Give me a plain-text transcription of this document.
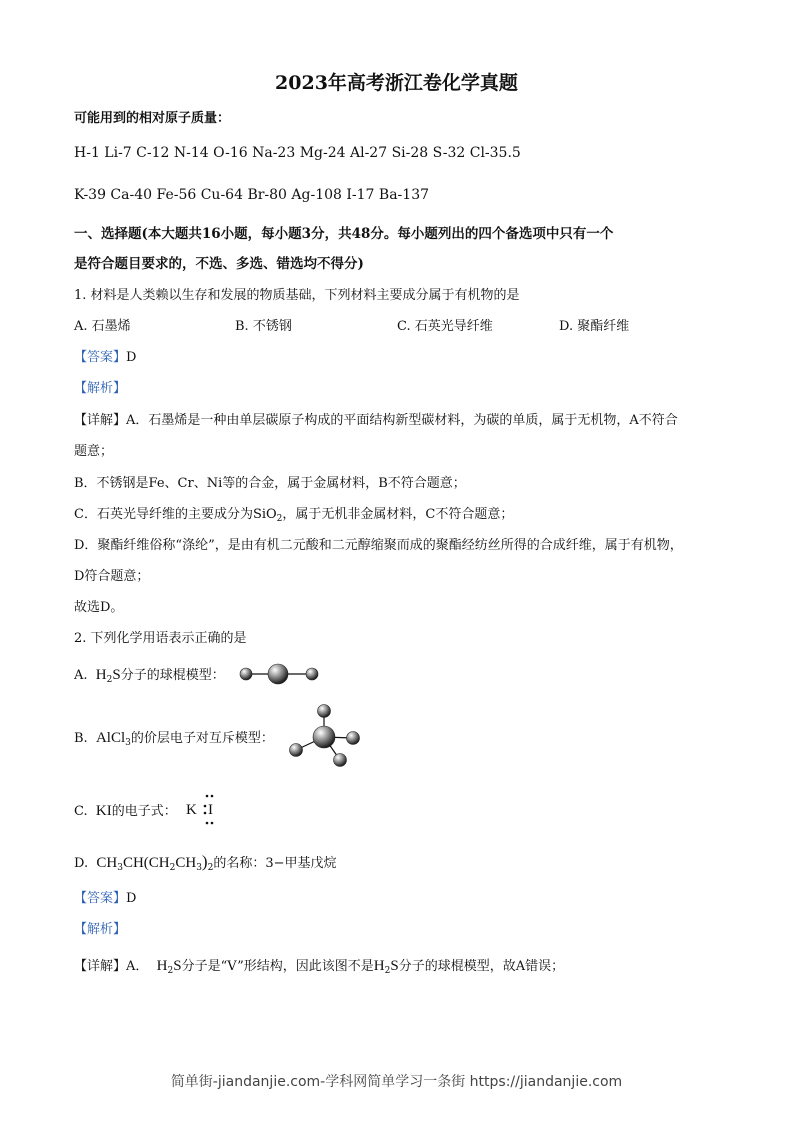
2023年高考浙江卷化学真题
可能用到的相对原子质量：
H-1 Li-7 C-12 N-14 O-16 Na-23 Mg-24 Al-27 Si-28 S-32 Cl-35.5
K-39 Ca-40 Fe-56 Cu-64 Br-80 Ag-108 I-17 Ba-137
一、选择题(本大题共16小题，每小题3分，共48分。每小题列出的四个备选项中只有一个
是符合题目要求的，不选、多选、错选均不得分)
1. 材料是人类赖以生存和发展的物质基础，下列材料主要成分属于有机物的是
A. 石墨烯	B. 不锈钢	C. 石英光导纤维	D. 聚酯纤维
【答案】D
【解析】
【详解】A．石墨烯是一种由单层碳原子构成的平面结构新型碳材料，为碳的单质，属于无机物，A不符合
题意；
B．不锈钢是Fe、Cr、Ni等的合金，属于金属材料，B不符合题意；
C．石英光导纤维的主要成分为SiO$_2$，属于无机非金属材料，C不符合题意；
D．聚酯纤维俗称“涤纶”，是由有机二元酸和二元醇缩聚而成的聚酯经纺丝所得的合成纤维，属于有机物，
D符合题意；
故选D。
2. 下列化学用语表示正确的是
A. $H_2S$分子的球棍模型：
B. AlCl$_3$的价层电子对互斥模型：
C. KI的电子式： K I
D. $CH_3CH(CH_2CH_3)_2$的名称：3−甲基戊烷
【答案】D
【解析】
【详解】A． $H_2S$分子是“V”形结构，因此该图不是$H_2S$分子的球棍模型，故A错误；
简单街-jiandanjie.com-学科网简单学习一条街 https://jiandanjie.com
